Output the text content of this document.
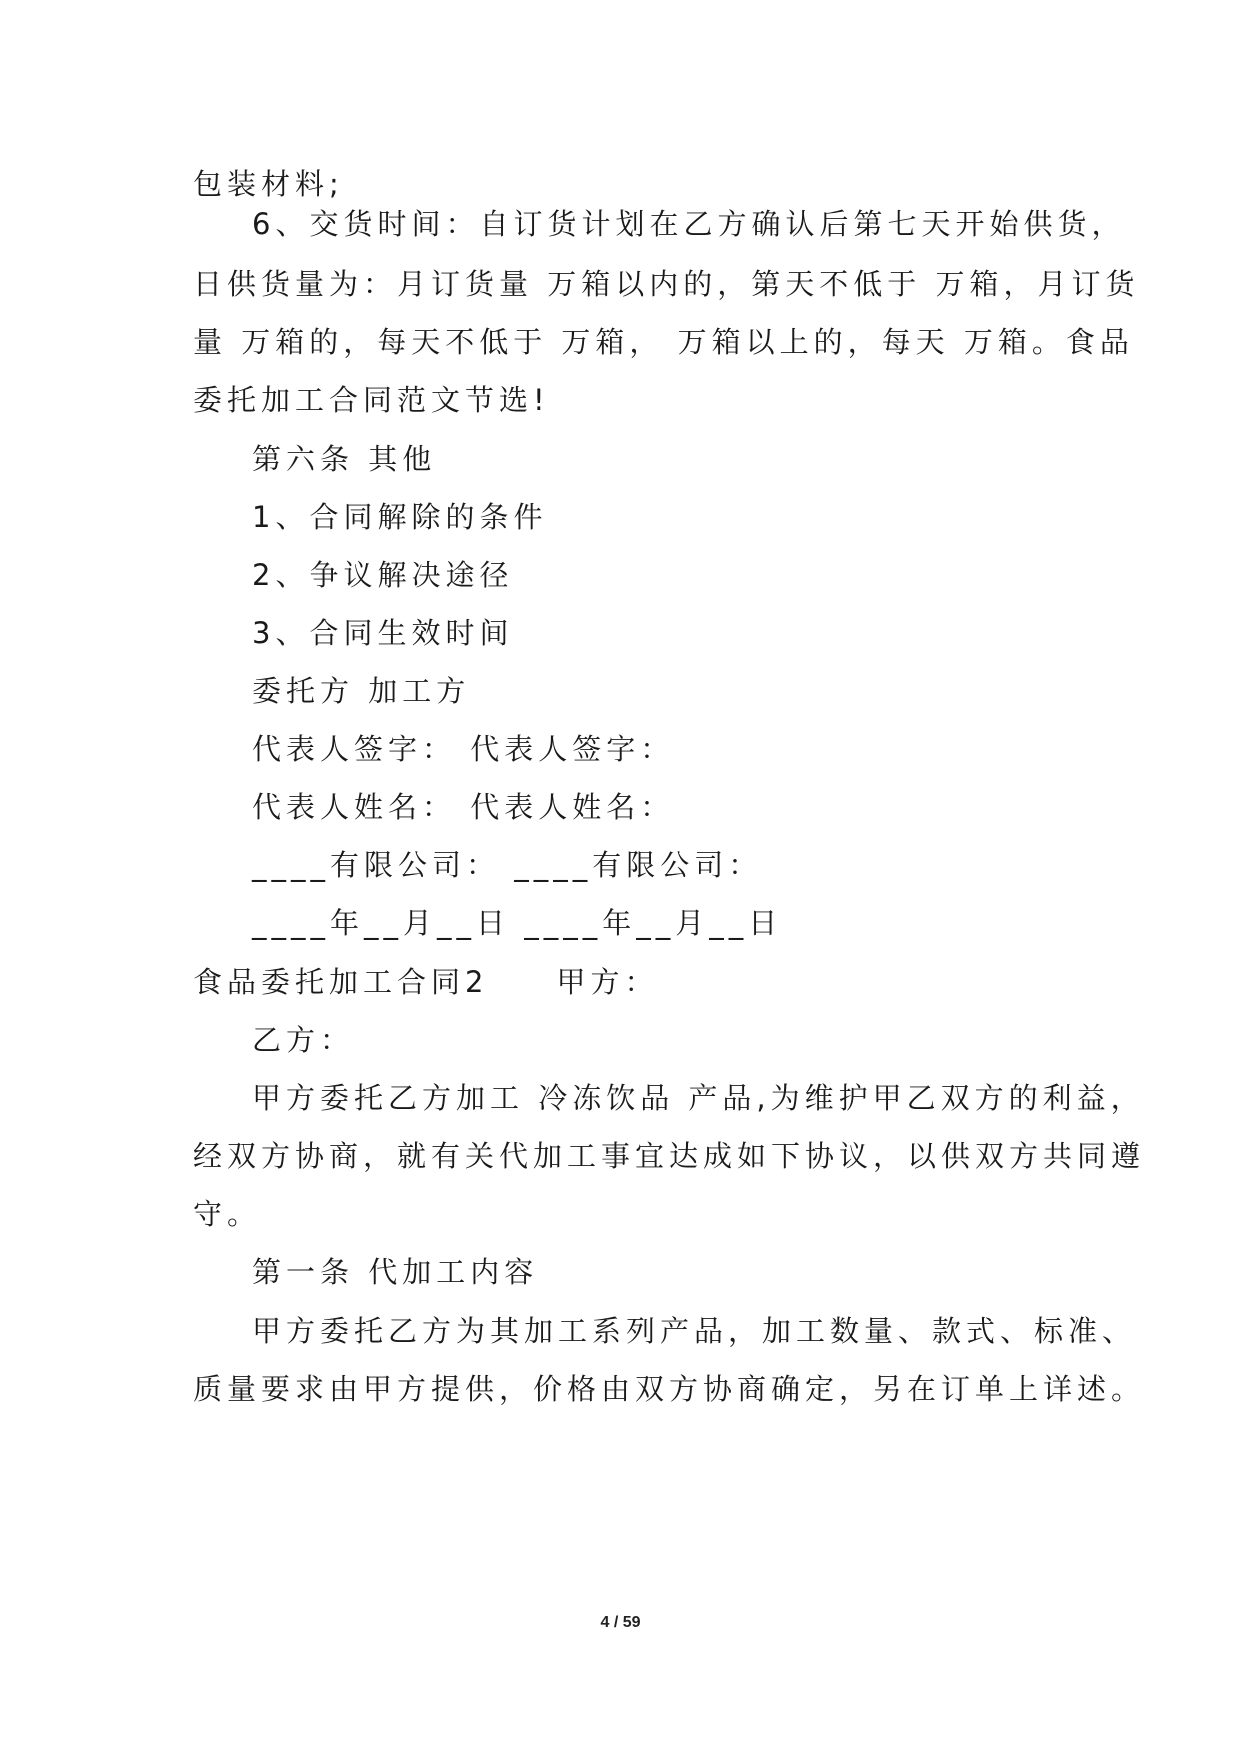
包装材料;
6、交货时间：自订货计划在乙方确认后第七天开始供货，
日供货量为：月订货量 万箱以内的，第天不低于 万箱，月订货
量 万箱的，每天不低于 万箱， 万箱以上的，每天 万箱。食品
委托加工合同范文节选!
第六条 其他
1、合同解除的条件
2、争议解决途径
3、合同生效时间
委托方 加工方
代表人签字： 代表人签字：
代表人姓名： 代表人姓名：
____有限公司： ____有限公司：
____年__月__日 ____年__月__日
食品委托加工合同2　　甲方：
乙方：
甲方委托乙方加工 冷冻饮品 产品,为维护甲乙双方的利益，
经双方协商，就有关代加工事宜达成如下协议，以供双方共同遵
守。
第一条 代加工内容
甲方委托乙方为其加工系列产品，加工数量、款式、标准、
质量要求由甲方提供，价格由双方协商确定，另在订单上详述。
4 / 59
